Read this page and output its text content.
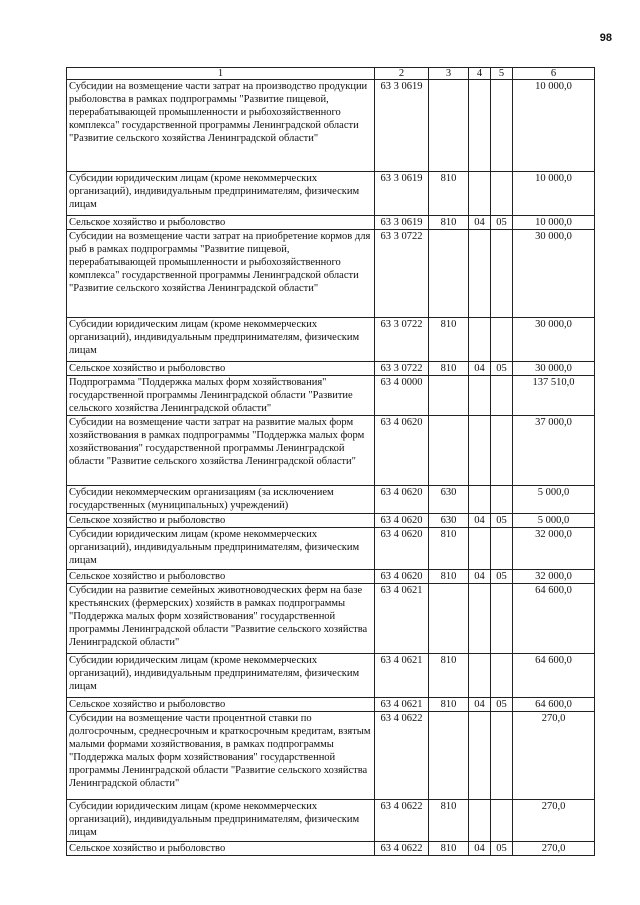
98
1	2	3	4	5	6
Субсидии на возмещение части затрат на производство продукции рыболовства в рамках подпрограммы "Развитие пищевой, перерабатывающей промышленности и рыбохозяйственного комплекса" государственной программы Ленинградской области "Развитие сельского хозяйства Ленинградской области"	63 3 0619				10 000,0
Субсидии юридическим лицам (кроме некоммерческих организаций), индивидуальным предпринимателям, физическим лицам	63 3 0619	810			10 000,0
Сельское хозяйство и рыболовство	63 3 0619	810	04	05	10 000,0
Субсидии на возмещение части затрат на приобретение кормов для рыб в рамках подпрограммы "Развитие пищевой, перерабатывающей промышленности и рыбохозяйственного комплекса" государственной программы Ленинградской области "Развитие сельского хозяйства Ленинградской области"	63 3 0722				30 000,0
Субсидии юридическим лицам (кроме некоммерческих организаций), индивидуальным предпринимателям, физическим лицам	63 3 0722	810			30 000,0
Сельское хозяйство и рыболовство	63 3 0722	810	04	05	30 000,0
Подпрограмма "Поддержка малых форм хозяйствования" государственной программы Ленинградской области "Развитие сельского хозяйства Ленинградской области"	63 4 0000				137 510,0
Субсидии на возмещение части затрат на развитие малых форм хозяйствования в рамках подпрограммы "Поддержка малых форм хозяйствования" государственной программы Ленинградской области "Развитие сельского хозяйства Ленинградской области"	63 4 0620				37 000,0
Субсидии некоммерческим организациям (за исключением государственных (муниципальных) учреждений)	63 4 0620	630			5 000,0
Сельское хозяйство и рыболовство	63 4 0620	630	04	05	5 000,0
Субсидии юридическим лицам (кроме некоммерческих организаций), индивидуальным предпринимателям, физическим лицам	63 4 0620	810			32 000,0
Сельское хозяйство и рыболовство	63 4 0620	810	04	05	32 000,0
Субсидии на развитие семейных животноводческих ферм на базе крестьянских (фермерских) хозяйств в рамках подпрограммы "Поддержка малых форм хозяйствования" государственной программы Ленинградской области "Развитие сельского хозяйства Ленинградской области"	63 4 0621				64 600,0
Субсидии юридическим лицам (кроме некоммерческих организаций), индивидуальным предпринимателям, физическим лицам	63 4 0621	810			64 600,0
Сельское хозяйство и рыболовство	63 4 0621	810	04	05	64 600,0
Субсидии на возмещение части процентной ставки по долгосрочным, среднесрочным и краткосрочным кредитам, взятым малыми формами хозяйствования, в рамках подпрограммы "Поддержка малых форм хозяйствования" государственной программы Ленинградской области "Развитие сельского хозяйства Ленинградской области"	63 4 0622				270,0
Субсидии юридическим лицам (кроме некоммерческих организаций), индивидуальным предпринимателям, физическим лицам	63 4 0622	810			270,0
Сельское хозяйство и рыболовство	63 4 0622	810	04	05	270,0
